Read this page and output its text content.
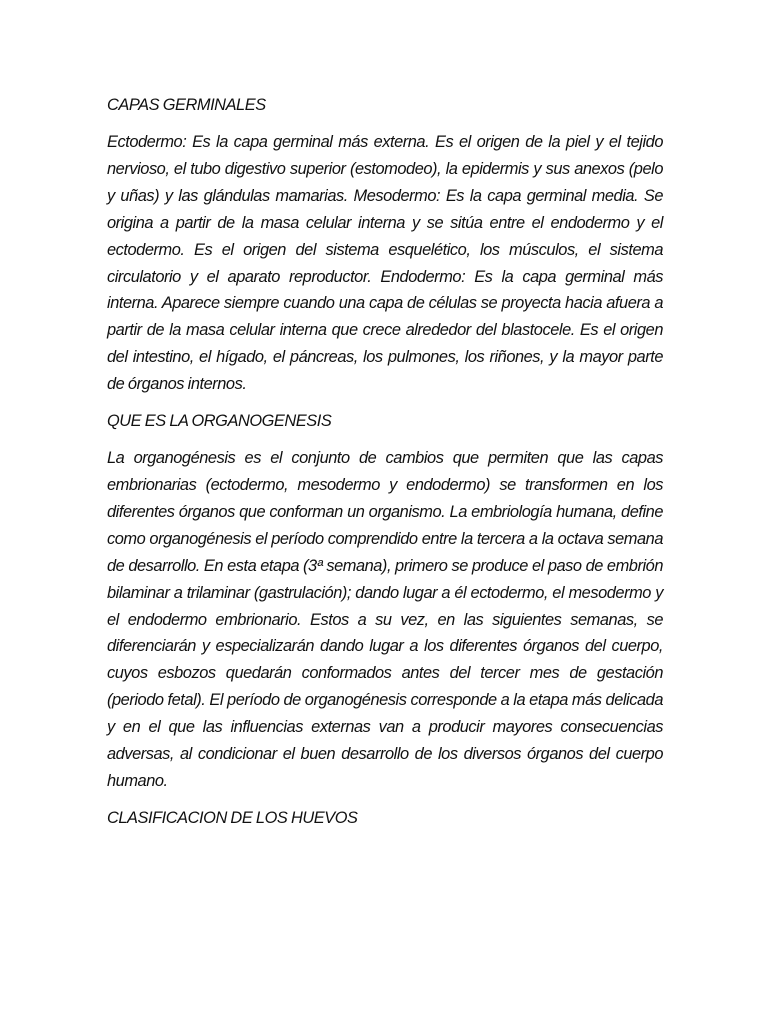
CAPAS GERMINALES
Ectodermo: Es la capa germinal más externa. Es el origen de la piel y el tejido nervioso, el tubo digestivo superior (estomodeo), la epidermis y sus anexos (pelo y uñas) y las glándulas mamarias. Mesodermo: Es la capa germinal media. Se origina a partir de la masa celular interna y se sitúa entre el endodermo y el ectodermo. Es el origen del sistema esquelético, los músculos, el sistema circulatorio y el aparato reproductor. Endodermo: Es la capa germinal más interna. Aparece siempre cuando una capa de células se proyecta hacia afuera a partir de la masa celular interna que crece alrededor del blastocele. Es el origen del intestino, el hígado, el páncreas, los pulmones, los riñones, y la mayor parte de órganos internos.
QUE ES LA ORGANOGENESIS
La organogénesis es el conjunto de cambios que permiten que las capas embrionarias (ectodermo, mesodermo y endodermo) se transformen en los diferentes órganos que conforman un organismo. La embriología humana, define como organogénesis el período comprendido entre la tercera a la octava semana de desarrollo. En esta etapa (3ª semana), primero se produce el paso de embrión bilaminar a trilaminar (gastrulación); dando lugar a él ectodermo, el mesodermo y el endodermo embrionario. Estos a su vez, en las siguientes semanas, se diferenciarán y especializarán dando lugar a los diferentes órganos del cuerpo, cuyos esbozos quedarán conformados antes del tercer mes de gestación (periodo fetal). El período de organogénesis corresponde a la etapa más delicada y en el que las influencias externas van a producir mayores consecuencias adversas, al condicionar el buen desarrollo de los diversos órganos del cuerpo humano.
CLASIFICACION DE LOS HUEVOS
